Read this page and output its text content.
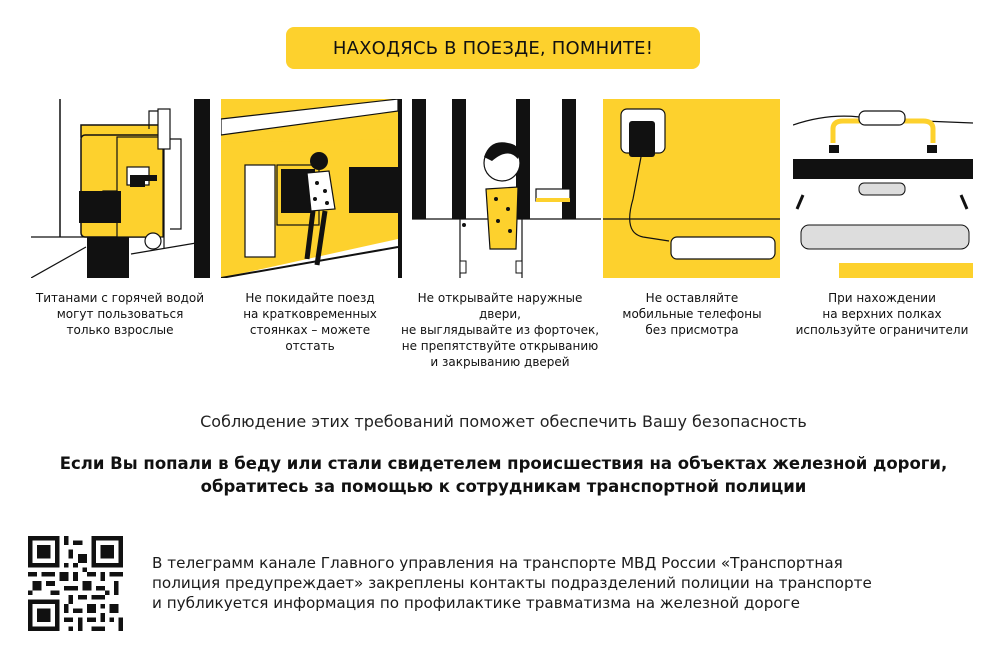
НАХОДЯСЬ В ПОЕЗДЕ, ПОМНИТЕ!
Титанами с горячей водой
могут пользоваться
только взрослые
Не покидайте поезд
на кратковременных
стоянках – можете
отстать
Не открывайте наружные двери,
не выглядывайте из форточек,
не препятствуйте открыванию
и закрыванию дверей
Не оставляйте
мобильные телефоны
без присмотра
При нахождении
на верхних полках
используйте ограничители
Соблюдение этих требований поможет обеспечить Вашу безопасность
Если Вы попали в беду или стали свидетелем происшествия на объектах железной дороги,
обратитесь за помощью к сотрудникам транспортной полиции
В телеграмм канале Главного управления на транспорте МВД России «Транспортная
полиция предупреждает» закреплены контакты подразделений полиции на транспорте
и публикуется информация по профилактике травматизма на железной дороге
